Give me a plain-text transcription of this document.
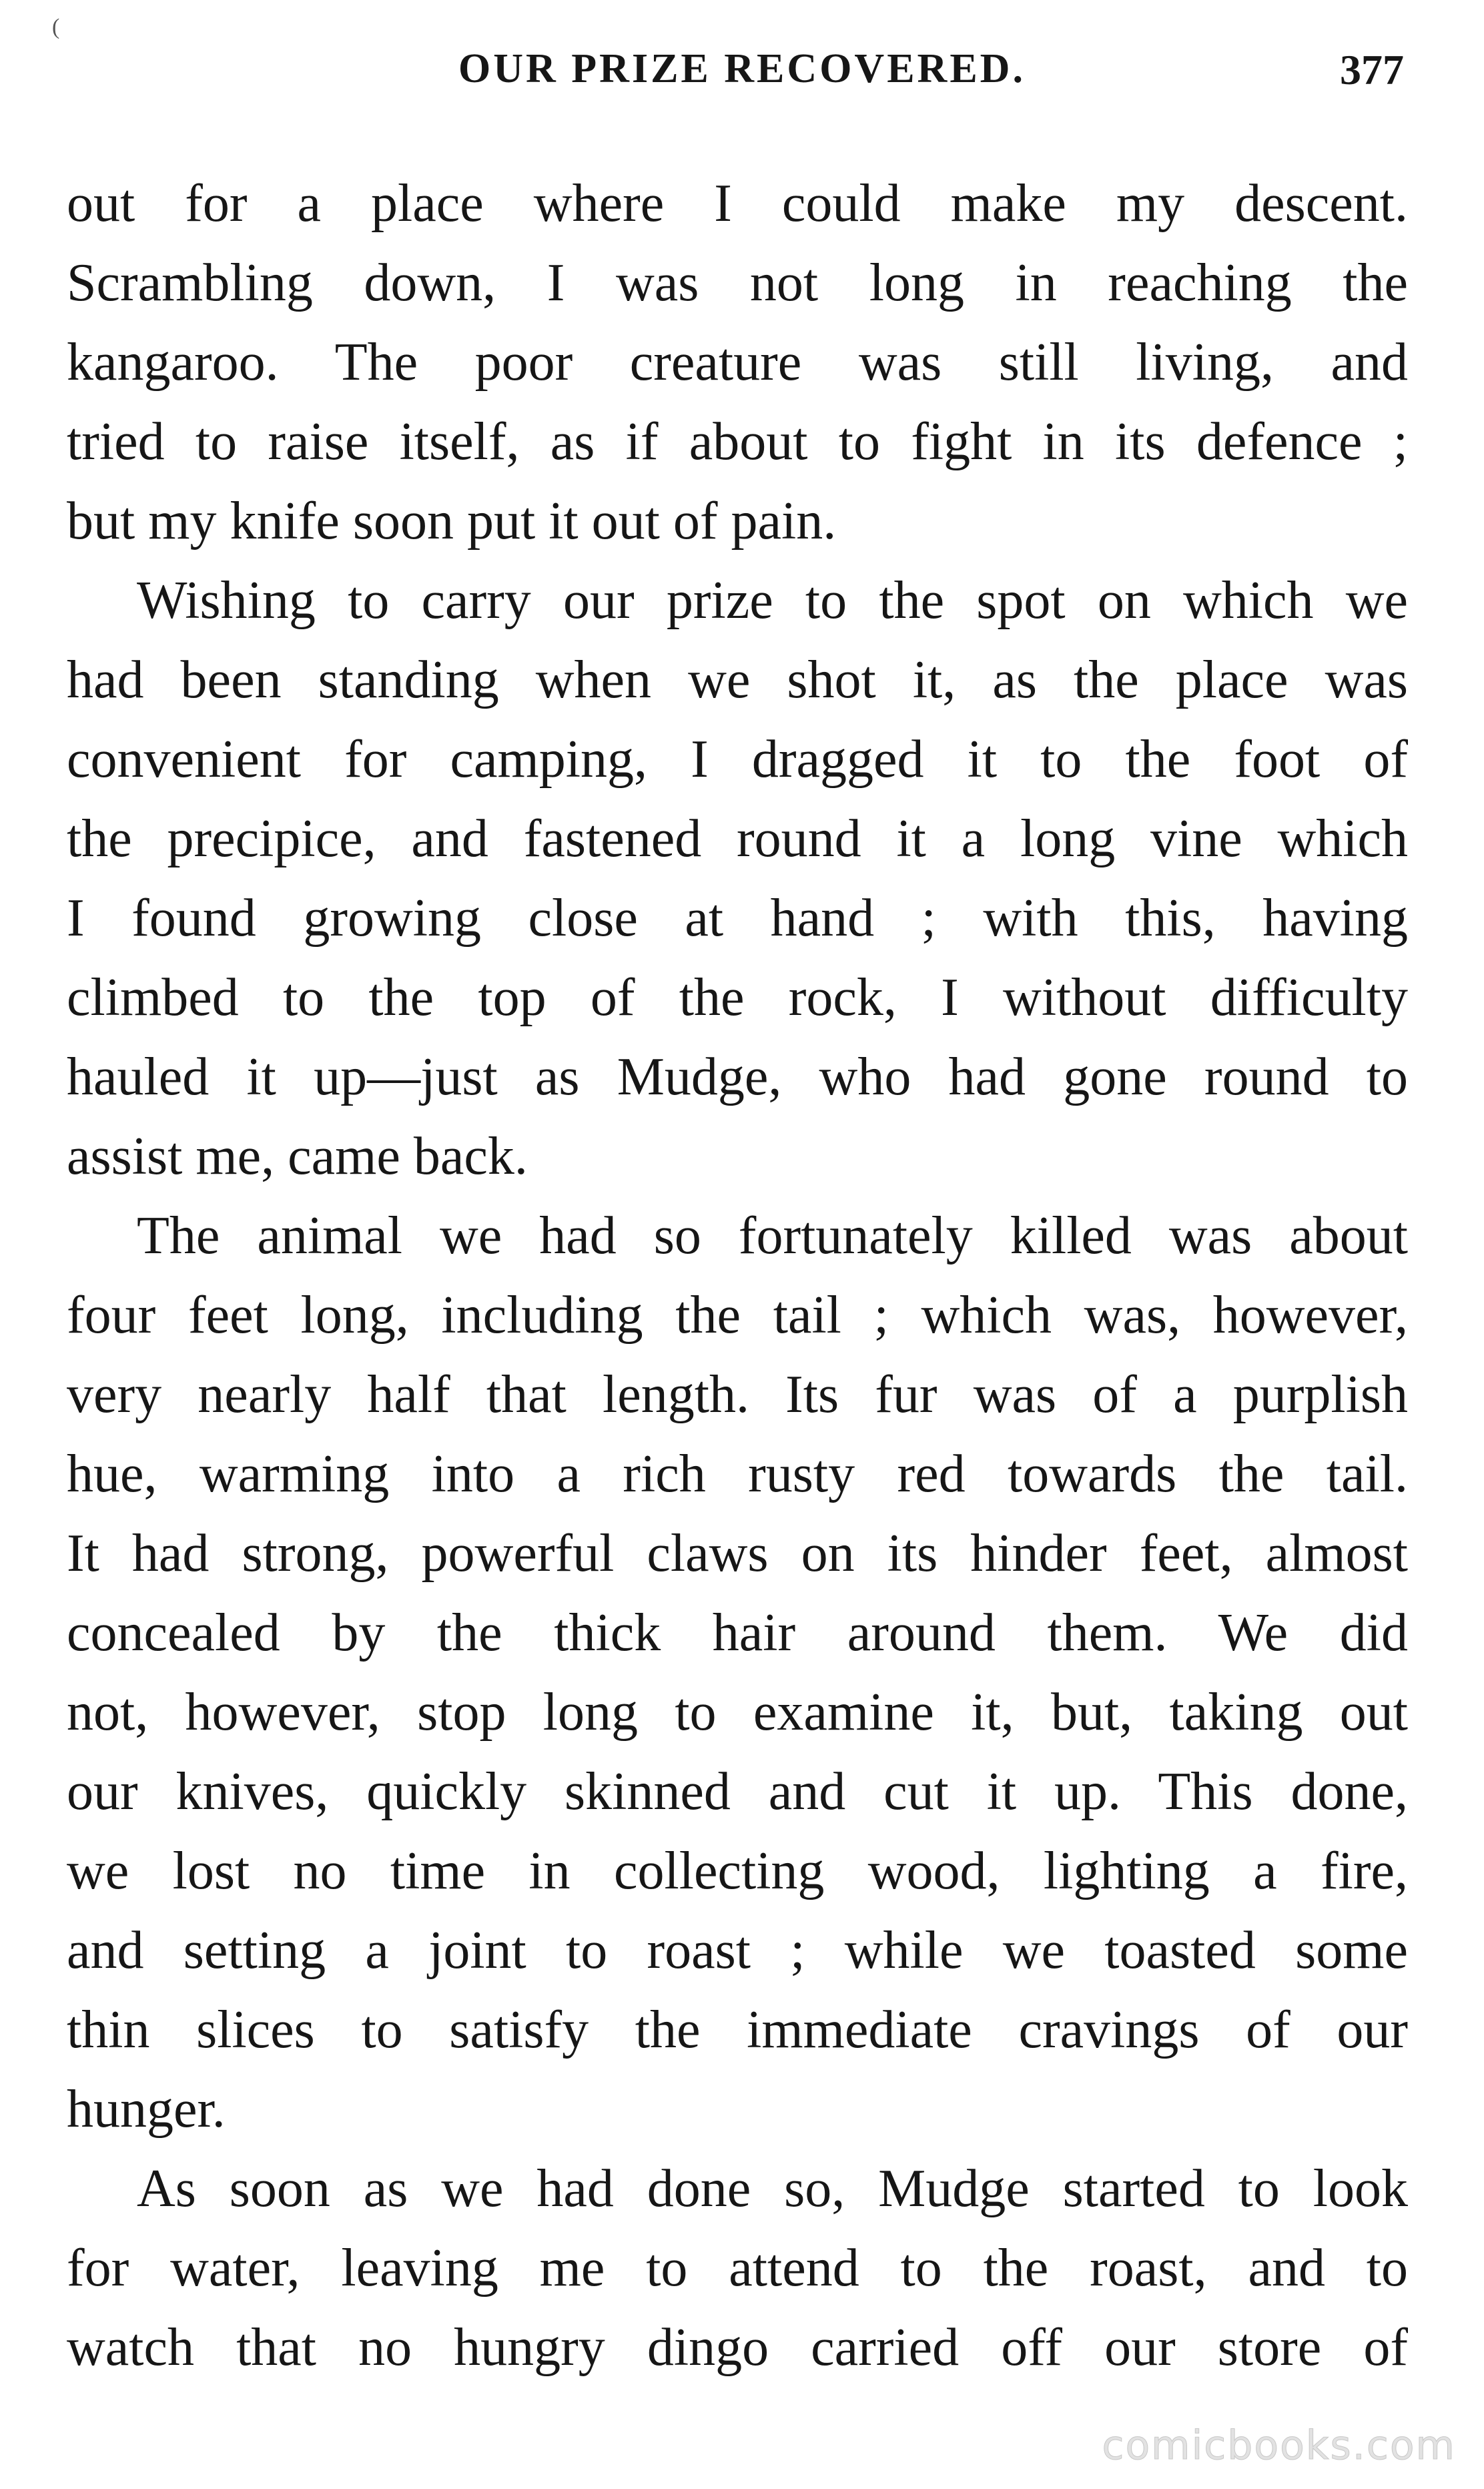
(
OUR PRIZE RECOVERED.	377
out for a place where I could make my descent.
Scrambling down, I was not long in reaching the
kangaroo. The poor creature was still living, and
tried to raise itself, as if about to fight in its defence ;
but my knife soon put it out of pain.
Wishing to carry our prize to the spot on which we
had been standing when we shot it, as the place was
convenient for camping, I dragged it to the foot of
the precipice, and fastened round it a long vine which
I found growing close at hand ; with this, having
climbed to the top of the rock, I without difficulty
hauled it up—just as Mudge, who had gone round to
assist me, came back.
The animal we had so fortunately killed was about
four feet long, including the tail ; which was, however,
very nearly half that length. Its fur was of a purplish
hue, warming into a rich rusty red towards the tail.
It had strong, powerful claws on its hinder feet, almost
concealed by the thick hair around them. We did
not, however, stop long to examine it, but, taking out
our knives, quickly skinned and cut it up. This done,
we lost no time in collecting wood, lighting a fire,
and setting a joint to roast ; while we toasted some
thin slices to satisfy the immediate cravings of our
hunger.
As soon as we had done so, Mudge started to look
for water, leaving me to attend to the roast, and to
watch that no hungry dingo carried off our store of
comicbooks.com
